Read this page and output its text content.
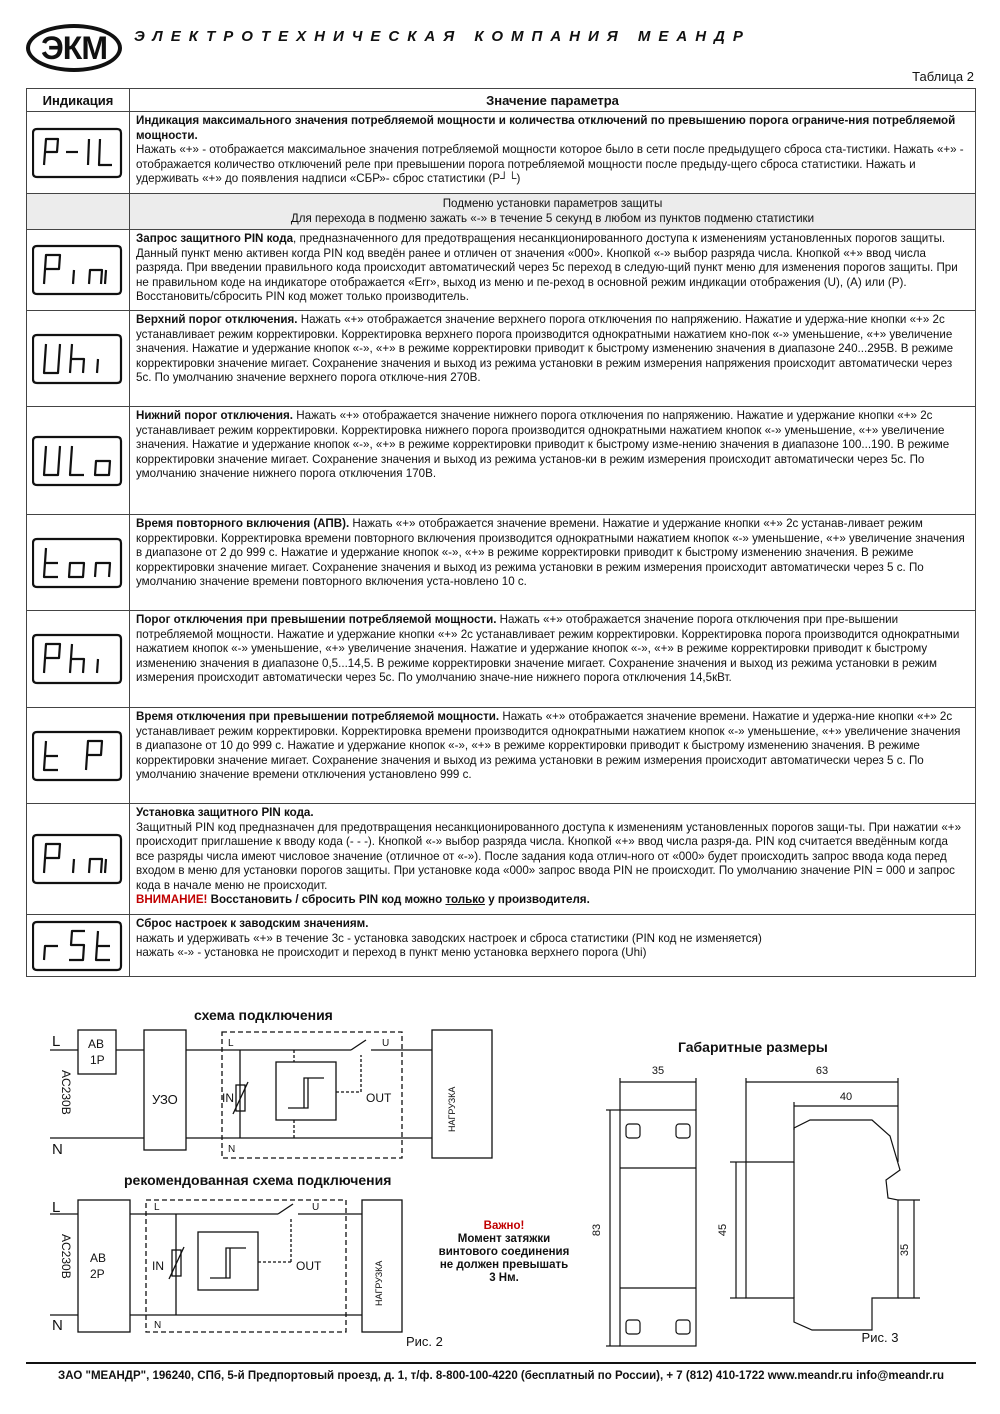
ЭКМ	ЭЛЕКТРОТЕХНИЧЕСКАЯ КОМПАНИЯ МЕАНДР
Таблица 2
Индикация	Значение параметра

	Индикация максимального значения потребляемой мощности и количества отключений по превышению порога ограниче-ния потребляемой мощности.
Нажать «+» - отображается максимальное значения потребляемой мощности которое было в сети после предыдущего сброса ста-тистики. Нажать «+» - отображается количество отключений реле при превышении порога потребляемой мощности после предыду-щего сброса статистики. Нажать и удерживать «+» до появления надписи «СБР»- сброс статистики (Р┘└)
	Подменю установки параметров защиты
Для перехода в подменю зажать «-» в течение 5 секунд в любом из пунктов подменю статистики

	Запрос защитного PIN кода, предназначенного для предотвращения несанкционированного доступа к изменениям установленных порогов защиты. Данный пункт меню активен когда PIN код введён ранее и отличен от значения «000». Кнопкой «-» выбор разряда числа. Кнопкой «+» ввод числа разряда. При введении правильного кода происходит автоматический через 5с переход в следую-щий пункт меню для изменения порогов защиты. При не правильном коде на индикаторе отображается «Err», выход из меню и пе-реход в основной режим индикации отображения (U), (A) или (P). Восстановить/сбросить PIN код может только производитель.

	Верхний порог отключения. Нажать «+» отображается значение верхнего порога отключения по напряжению. Нажатие и удержа-ние кнопки «+» 2с устанавливает режим корректировки. Корректировка верхнего порога производится однократными нажатием кно-пок «-» уменьшение, «+» увеличение значения. Нажатие и удержание кнопок «-», «+» в режиме корректировки приводит к быстрому изменению значения в диапазоне 240...295В. В режиме корректировки значение мигает. Сохранение значения и выход из режима установки в режим измерения напряжения происходит автоматически через 5с. По умолчанию значение верхнего порога отключе-ния 270В.

	Нижний порог отключения. Нажать «+» отображается значение нижнего порога отключения по напряжению. Нажатие и удержание кнопки «+» 2с устанавливает режим корректировки. Корректировка нижнего порога производится однократными нажатием кнопок «-» уменьшение, «+» увеличение значения. Нажатие и удержание кнопок «-», «+» в режиме корректировки приводит к быстрому изме-нению значения в диапазоне 100...190. В режиме корректировки значение мигает. Сохранение значения и выход из режима установ-ки в режим измерения происходит автоматически через 5с. По умолчанию значение нижнего порога отключения 170В.

	Время повторного включения (АПВ). Нажать «+» отображается значение времени. Нажатие и удержание кнопки «+» 2с устанав-ливает режим корректировки. Корректировка времени повторного включения производится однократными нажатием кнопок «-» уменьшение, «+» увеличение значения в диапазоне от 2 до 999 с. Нажатие и удержание кнопок «-», «+» в режиме корректировки приводит к быстрому изменению значения. В режиме корректировки значение мигает. Сохранение значения и выход из режима установки в режим измерения происходит автоматически через 5 с. По умолчанию значение времени повторного включения уста-новлено 10 с.

	Порог отключения при превышении потребляемой мощности. Нажать «+» отображается значение порога отключения при пре-вышении потребляемой мощности. Нажатие и удержание кнопки «+» 2с устанавливает режим корректировки. Корректировка порога производится однократными нажатием кнопок «-» уменьшение, «+» увеличение значения. Нажатие и удержание кнопок «-», «+» в режиме корректировки приводит к быстрому изменению значения в диапазоне 0,5...14,5. В режиме корректировки значение мигает. Сохранение значения и выход из режима установки в режим измерения происходит автоматически через 5с. По умолчанию значе-ние нижнего порога отключения 14,5кВт.

	Время отключения при превышении потребляемой мощности. Нажать «+» отображается значение времени. Нажатие и удержа-ние кнопки «+» 2с устанавливает режим корректировки. Корректировка времени производится однократными нажатием кнопок «-» уменьшение, «+» увеличение значения в диапазоне от 10 до 999 с. Нажатие и удержание кнопок «-», «+» в режиме корректировки приводит к быстрому изменению значения. В режиме корректировки значение мигает. Сохранение значения и выход из режима установки в режим измерения происходит автоматически через 5 с. По умолчанию значение времени отключения установлено 999 с.

	Установка защитного PIN кода.
Защитный PIN код предназначен для предотвращения несанкционированного доступа к изменениям установленных порогов защи-ты. При нажатии «+» происходит приглашение к вводу кода (- - -). Кнопкой «-» выбор разряда числа. Кнопкой «+» ввод числа разря-да. PIN код считается введённым когда все разряды числа имеют числовое значение (отличное от «-»). После задания кода отлич-ного от «000» будет происходить запрос ввода кода перед входом в меню для установки порогов защиты. При установке кода «000» запрос ввода PIN не происходит. По умолчанию значение PIN = 000 и запрос кода в начале меню не происходит.
ВНИМАНИЕ! Восстановить / сбросить PIN код можно только у производителя.

	Сброс настроек к заводским значениям.
нажать и удерживать «+» в течение 3с - установка заводских настроек и сброса статистики (PIN код не изменяется)
нажать «-» - установка не происходит и переход в пункт меню установка верхнего порога (Uhi)
схема подключения
рекомендованная схема подключения
L
N
AC230B
АВ
1Р
УЗО	IN	OUT
U
L
N
НАГРУЗКА
L
N
AC230B АВ
2Р
IN	OUT
U
L
N
НАГРУЗКА
Рис. 2
Важно!
Момент затяжки
винтового соединения
не должен превышать
3 Нм.
Габаритные размеры
35	63
40
83	45
35
Рис. 3
ЗАО "МЕАНДР", 196240, СПб, 5-й Предпортовый проезд, д. 1, т/ф. 8-800-100-4220 (бесплатный по России), + 7 (812) 410-1722 www.meandr.ru info@meandr.ru
